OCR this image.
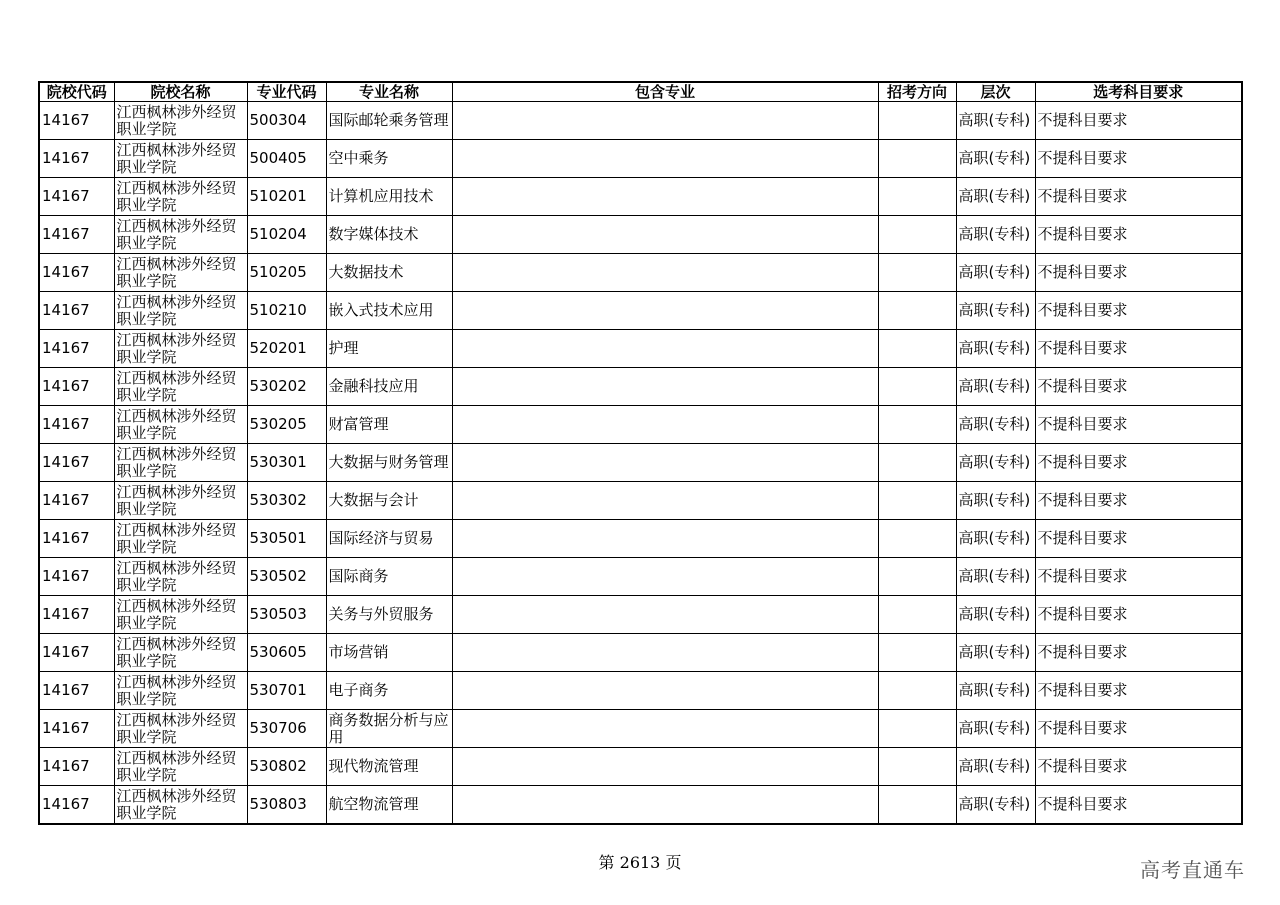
院校代码	院校名称	专业代码	专业名称	包含专业	招考方向	层次	选考科目要求
14167	江西枫林涉外经贸职业学院	500304	国际邮轮乘务管理			高职(专科)	不提科目要求
14167	江西枫林涉外经贸职业学院	500405	空中乘务			高职(专科)	不提科目要求
14167	江西枫林涉外经贸职业学院	510201	计算机应用技术			高职(专科)	不提科目要求
14167	江西枫林涉外经贸职业学院	510204	数字媒体技术			高职(专科)	不提科目要求
14167	江西枫林涉外经贸职业学院	510205	大数据技术			高职(专科)	不提科目要求
14167	江西枫林涉外经贸职业学院	510210	嵌入式技术应用			高职(专科)	不提科目要求
14167	江西枫林涉外经贸职业学院	520201	护理			高职(专科)	不提科目要求
14167	江西枫林涉外经贸职业学院	530202	金融科技应用			高职(专科)	不提科目要求
14167	江西枫林涉外经贸职业学院	530205	财富管理			高职(专科)	不提科目要求
14167	江西枫林涉外经贸职业学院	530301	大数据与财务管理			高职(专科)	不提科目要求
14167	江西枫林涉外经贸职业学院	530302	大数据与会计			高职(专科)	不提科目要求
14167	江西枫林涉外经贸职业学院	530501	国际经济与贸易			高职(专科)	不提科目要求
14167	江西枫林涉外经贸职业学院	530502	国际商务			高职(专科)	不提科目要求
14167	江西枫林涉外经贸职业学院	530503	关务与外贸服务			高职(专科)	不提科目要求
14167	江西枫林涉外经贸职业学院	530605	市场营销			高职(专科)	不提科目要求
14167	江西枫林涉外经贸职业学院	530701	电子商务			高职(专科)	不提科目要求
14167	江西枫林涉外经贸职业学院	530706	商务数据分析与应用			高职(专科)	不提科目要求
14167	江西枫林涉外经贸职业学院	530802	现代物流管理			高职(专科)	不提科目要求
14167	江西枫林涉外经贸职业学院	530803	航空物流管理			高职(专科)	不提科目要求
第 2613 页	高考直通车
